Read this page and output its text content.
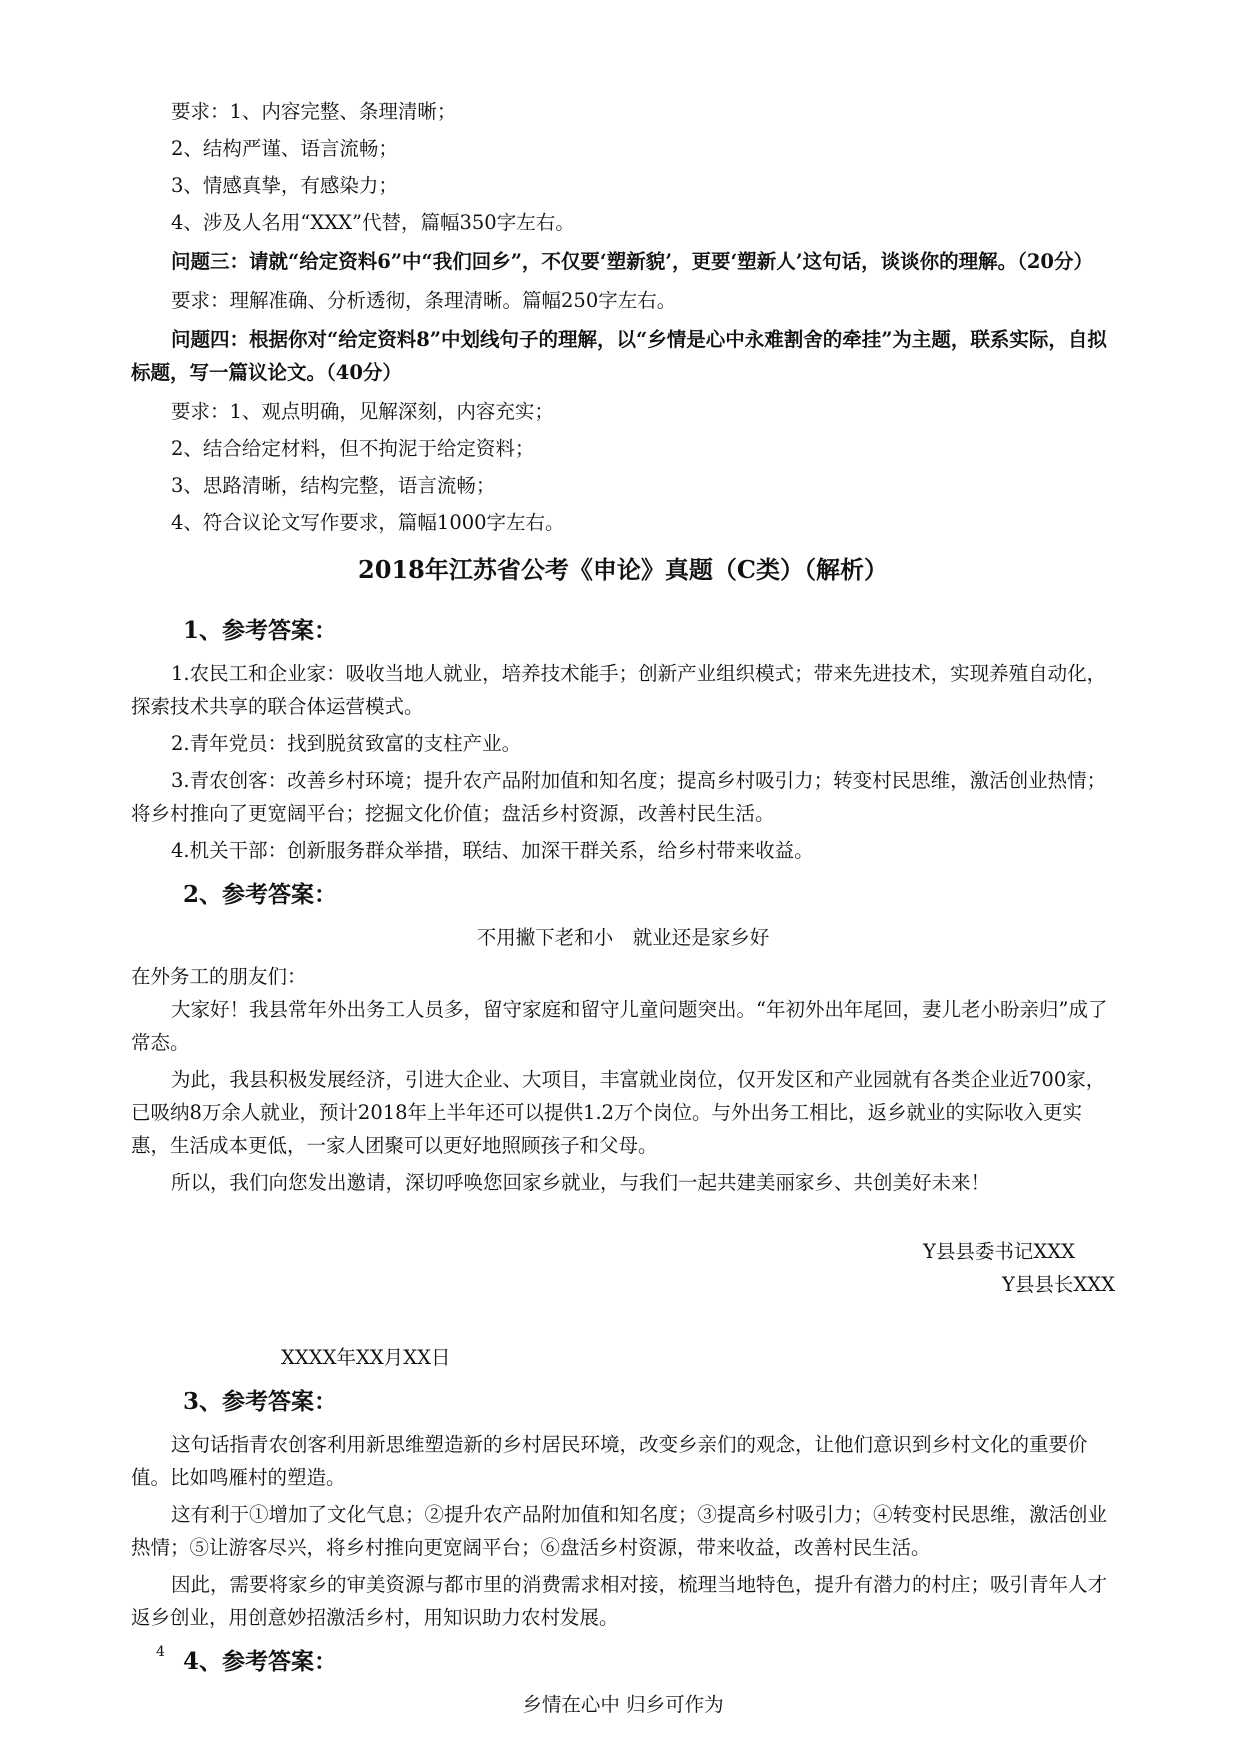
要求：1、内容完整、条理清晰；

2、结构严谨、语言流畅；

3、情感真挚，有感染力；

4、涉及人名用“XXX”代替，篇幅350字左右。

问题三：请就“给定资料6”中“我们回乡”，不仅要‘塑新貌’，更要‘塑新人’这句话，谈谈你的理解。（20分）

要求：理解准确、分析透彻，条理清晰。篇幅250字左右。

问题四：根据你对“给定资料8”中划线句子的理解，以“乡情是心中永难割舍的牵挂”为主题，联系实际，自拟标题，写一篇议论文。（40分）

要求：1、观点明确，见解深刻，内容充实；

2、结合给定材料，但不拘泥于给定资料；

3、思路清晰，结构完整，语言流畅；

4、符合议论文写作要求，篇幅1000字左右。

2018年江苏省公考《申论》真题（C类）（解析）

1、参考答案：

1.农民工和企业家：吸收当地人就业，培养技术能手；创新产业组织模式；带来先进技术，实现养殖自动化，探索技术共享的联合体运营模式。

2.青年党员：找到脱贫致富的支柱产业。

3.青农创客：改善乡村环境；提升农产品附加值和知名度；提高乡村吸引力；转变村民思维，激活创业热情；将乡村推向了更宽阔平台；挖掘文化价值；盘活乡村资源，改善村民生活。

4.机关干部：创新服务群众举措，联结、加深干群关系，给乡村带来收益。

2、参考答案：

不用撇下老和小　就业还是家乡好

在外务工的朋友们：

大家好！我县常年外出务工人员多，留守家庭和留守儿童问题突出。“年初外出年尾回，妻儿老小盼亲归”成了常态。

为此，我县积极发展经济，引进大企业、大项目，丰富就业岗位，仅开发区和产业园就有各类企业近700家，已吸纳8万余人就业，预计2018年上半年还可以提供1.2万个岗位。与外出务工相比，返乡就业的实际收入更实惠，生活成本更低，一家人团聚可以更好地照顾孩子和父母。

所以，我们向您发出邀请，深切呼唤您回家乡就业，与我们一起共建美丽家乡、共创美好未来！

Y县县委书记XXX

Y县县长XXX

XXXX年XX月XX日

3、参考答案：

这句话指青农创客利用新思维塑造新的乡村居民环境，改变乡亲们的观念，让他们意识到乡村文化的重要价值。比如鸣雁村的塑造。

这有利于①增加了文化气息；②提升农产品附加值和知名度；③提高乡村吸引力；④转变村民思维，激活创业热情；⑤让游客尽兴，将乡村推向更宽阔平台；⑥盘活乡村资源，带来收益，改善村民生活。

因此，需要将家乡的审美资源与都市里的消费需求相对接，梳理当地特色，提升有潜力的村庄；吸引青年人才返乡创业，用创意妙招激活乡村，用知识助力农村发展。

4、参考答案：

乡情在心中 归乡可作为

4
